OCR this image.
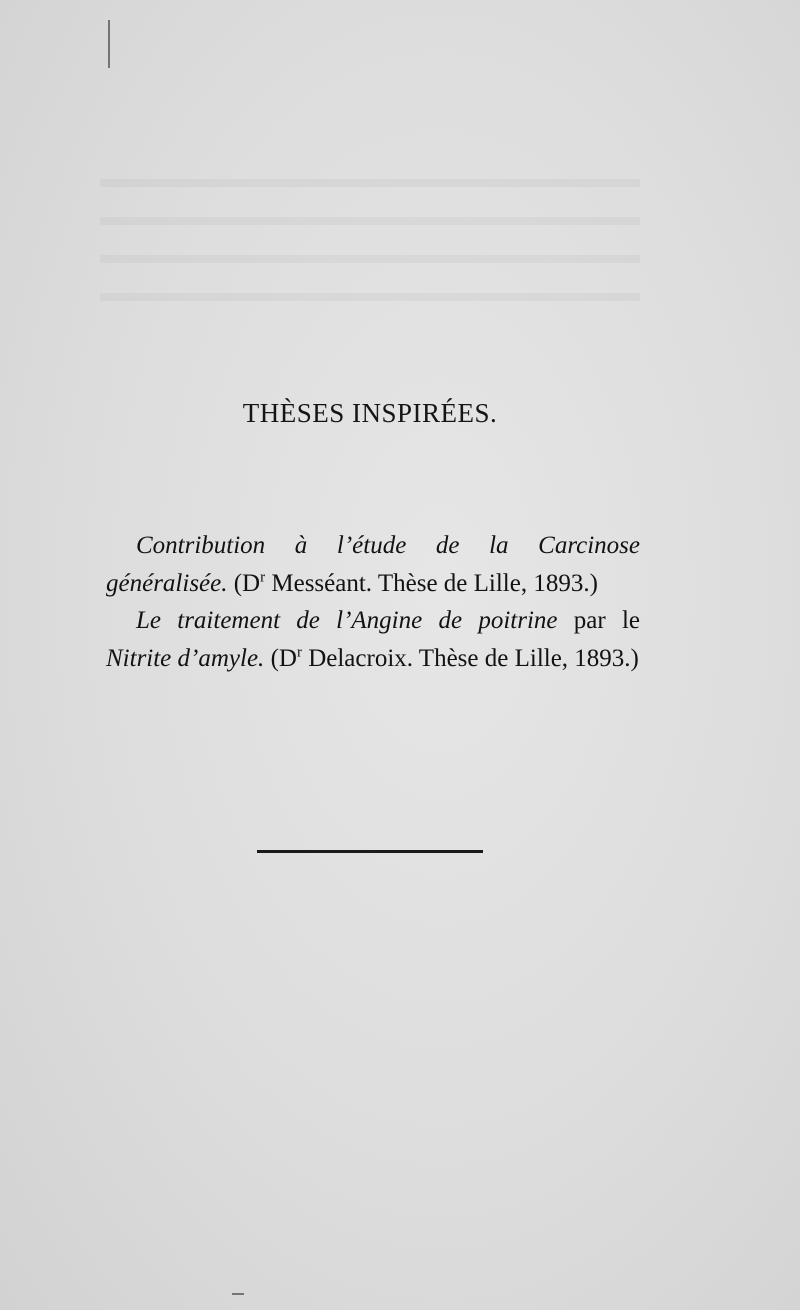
THÈSES INSPIRÉES.

Contribution à l’étude de la Carcinose généralisée. ($D^r$ Messéant. Thèse de Lille, 1893.)

Le traitement de l’Angine de poitrine par le Nitrite d’amyle. ($D^r$ Delacroix. Thèse de Lille, 1893.)
